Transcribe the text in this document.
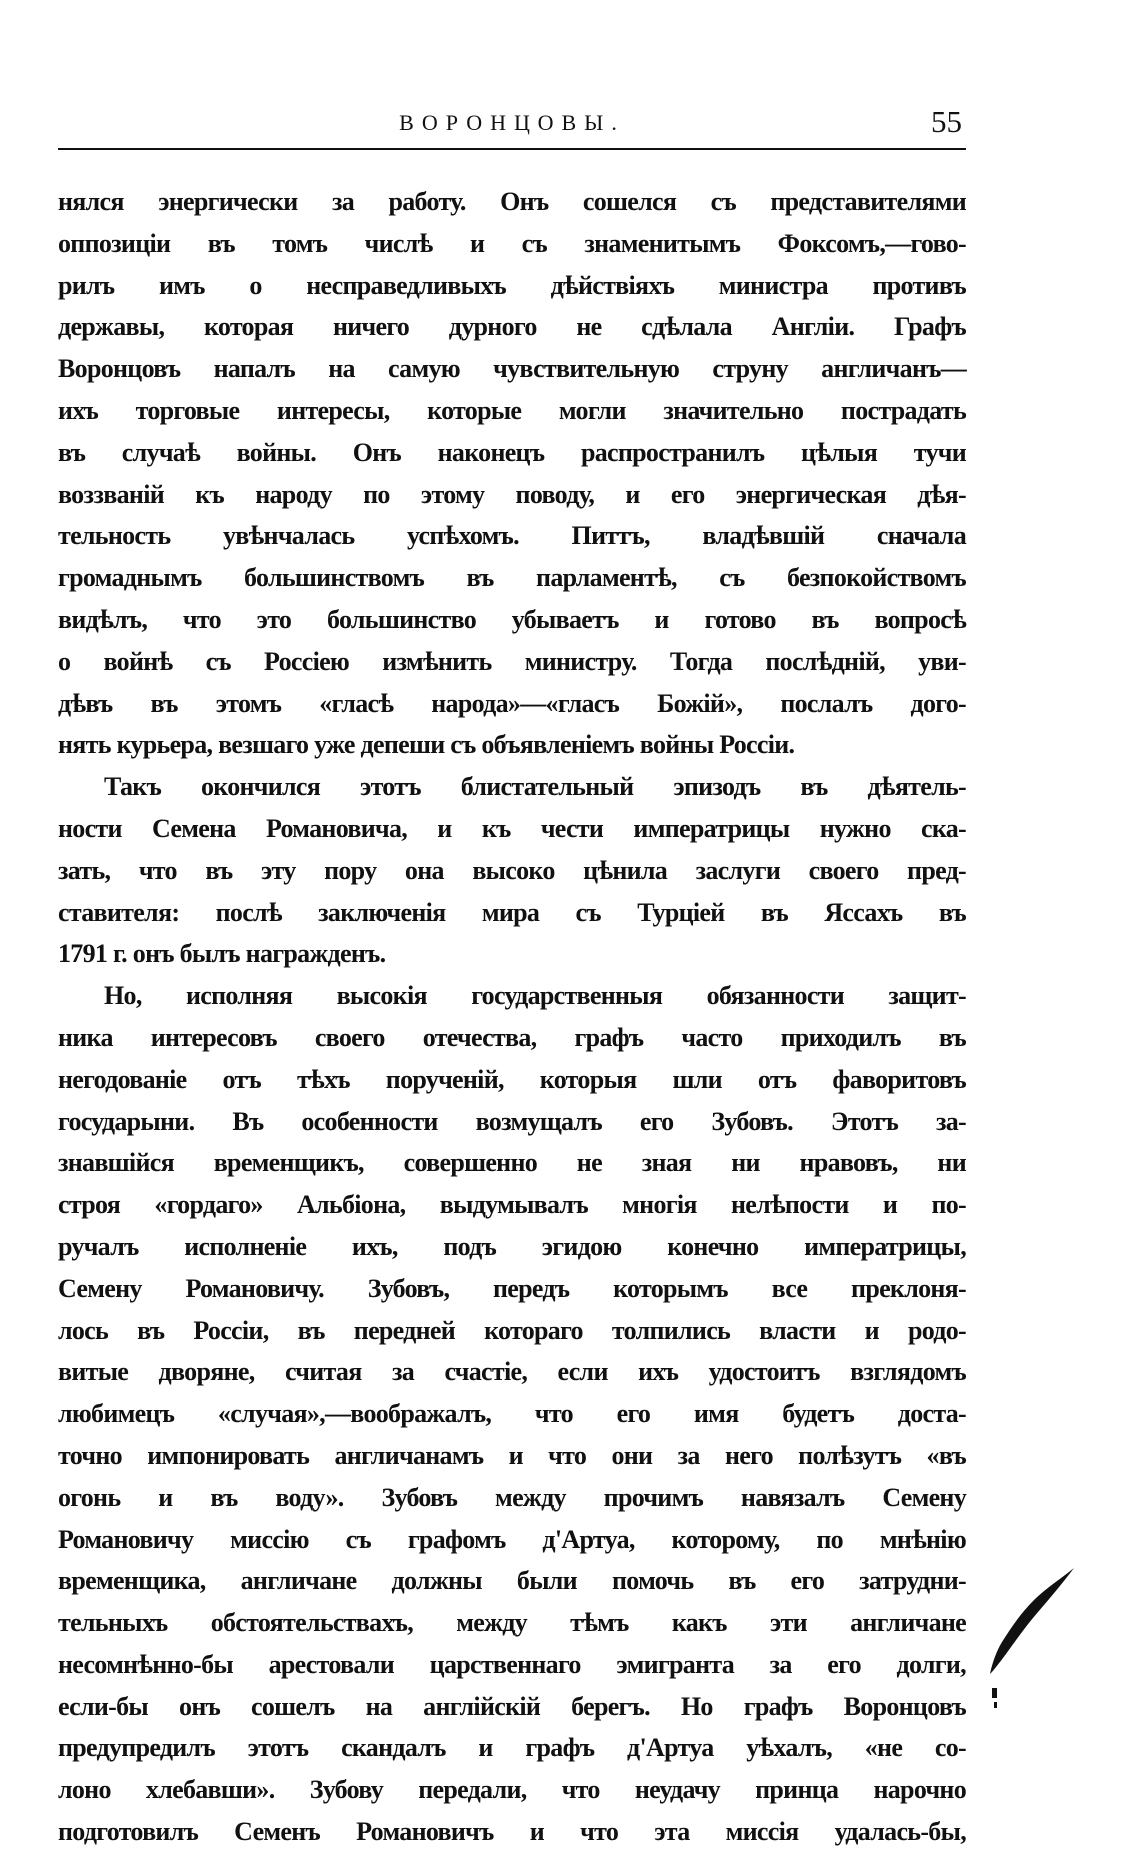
ВОРОНЦОВЫ.	55
нялся энергически за работу. Онъ сошелся съ представителями
оппозиціи въ томъ числѣ и съ знаменитымъ Фоксомъ,—гово-
рилъ имъ о несправедливыхъ дѣйствіяхъ министра противъ
державы, которая ничего дурного не сдѣлала Англіи. Графъ
Воронцовъ напалъ на самую чувствительную струну англичанъ—
ихъ торговые интересы, которые могли значительно пострадать
въ случаѣ войны. Онъ наконецъ распространилъ цѣлыя тучи
воззваній къ народу по этому поводу, и его энергическая дѣя-
тельность увѣнчалась успѣхомъ. Питтъ, владѣвшій сначала
громаднымъ большинствомъ въ парламентѣ, съ безпокойствомъ
видѣлъ, что это большинство убываетъ и готово въ вопросѣ
о войнѣ съ Россіею измѣнить министру. Тогда послѣдній, уви-
дѣвъ въ этомъ «гласѣ народа»—«гласъ Божій», послалъ дого-
нять курьера, везшаго уже депеши съ объявленіемъ войны Россіи.
Такъ окончился этотъ блистательный эпизодъ въ дѣятель-
ности Семена Романовича, и къ чести императрицы нужно ска-
зать, что въ эту пору она высоко цѣнила заслуги своего пред-
ставителя: послѣ заключенія мира съ Турціей въ Яссахъ въ
1791 г. онъ былъ награжденъ.
Но, исполняя высокія государственныя обязанности защит-
ника интересовъ своего отечества, графъ часто приходилъ въ
негодованіе отъ тѣхъ порученій, которыя шли отъ фаворитовъ
государыни. Въ особенности возмущалъ его Зубовъ. Этотъ за-
знавшійся временщикъ, совершенно не зная ни нравовъ, ни
строя «гордаго» Альбіона, выдумывалъ многія нелѣпости и по-
ручалъ исполненіе ихъ, подъ эгидою конечно императрицы,
Семену Романовичу. Зубовъ, передъ которымъ все преклоня-
лось въ Россіи, въ передней котораго толпились власти и родо-
витые дворяне, считая за счастіе, если ихъ удостоитъ взглядомъ
любимецъ «случая»,—воображалъ, что его имя будетъ доста-
точно импонировать англичанамъ и что они за него полѣзутъ «въ
огонь и въ воду». Зубовъ между прочимъ навязалъ Семену
Романовичу миссію съ графомъ д'Артуа, которому, по мнѣнію
временщика, англичане должны были помочь въ его затрудни-
тельныхъ обстоятельствахъ, между тѣмъ какъ эти англичане
несомнѣнно-бы арестовали царственнаго эмигранта за его долги,
если-бы онъ сошелъ на англійскій берегъ. Но графъ Воронцовъ
предупредилъ этотъ скандалъ и графъ д'Артуа уѣхалъ, «не со-
лоно хлебавши». Зубову передали, что неудачу принца нарочно
подготовилъ Семенъ Романовичъ и что эта миссія удалась-бы,
